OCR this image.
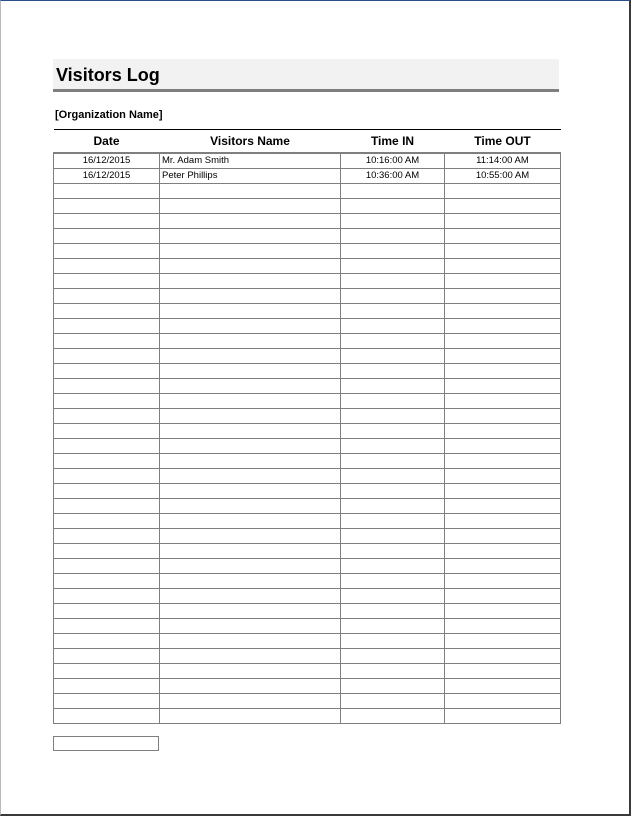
Visitors Log
[Organization Name]
Date	Visitors Name	Time IN	Time OUT
16/12/2015	Mr. Adam Smith	10:16:00 AM	11:14:00 AM
16/12/2015	Peter Phillips	10:36:00 AM	10:55:00 AM
